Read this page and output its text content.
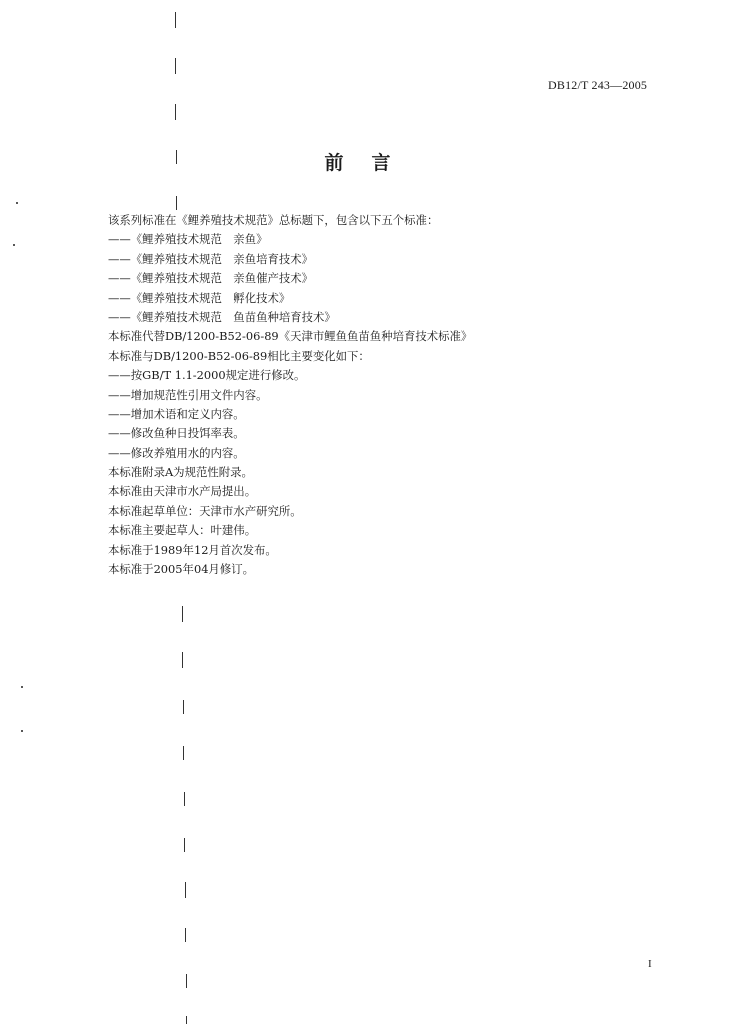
DB12/T 243—2005
前 言
该系列标准在《鲤养殖技术规范》总标题下，包含以下五个标准：
——《鲤养殖技术规范　亲鱼》
——《鲤养殖技术规范　亲鱼培育技术》
——《鲤养殖技术规范　亲鱼催产技术》
——《鲤养殖技术规范　孵化技术》
——《鲤养殖技术规范　鱼苗鱼种培育技术》
本标准代替DB/1200-B52-06-89《天津市鲤鱼鱼苗鱼种培育技术标准》
本标准与DB/1200-B52-06-89相比主要变化如下：
——按GB/T 1.1-2000规定进行修改。
——增加规范性引用文件内容。
——增加术语和定义内容。
——修改鱼种日投饵率表。
——修改养殖用水的内容。
本标准附录A为规范性附录。
本标准由天津市水产局提出。
本标准起草单位：天津市水产研究所。
本标准主要起草人：叶建伟。
本标准于1989年12月首次发布。
本标准于2005年04月修订。
I
